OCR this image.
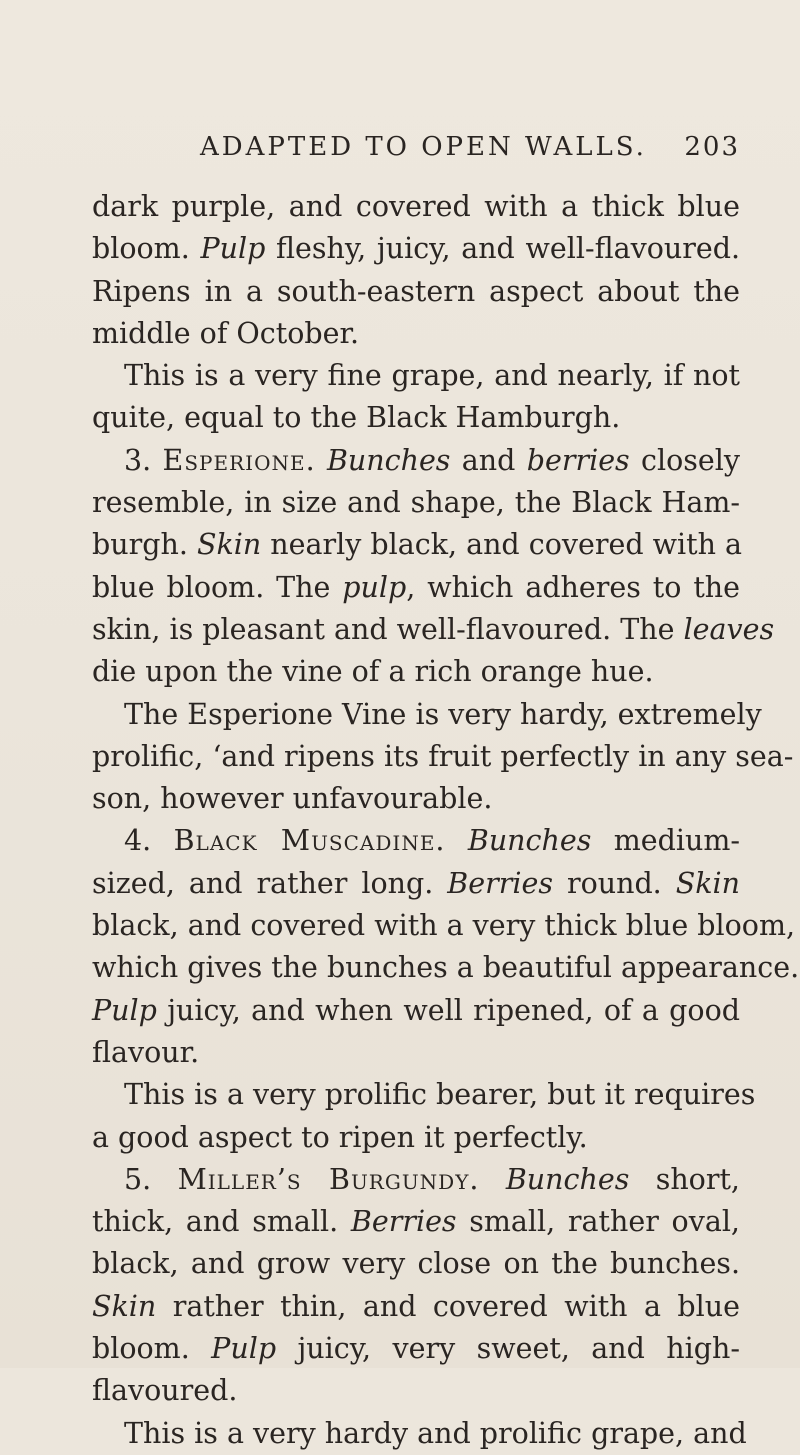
ADAPTED TO OPEN WALLS. 203
dark purple, and covered with a thick blue
bloom. Pulp fleshy, juicy, and well-flavoured.
Ripens in a south-eastern aspect about the
middle of October.
This is a very fine grape, and nearly, if not
quite, equal to the Black Hamburgh.
3. Esperione. Bunches and berries closely
resemble, in size and shape, the Black Ham-
burgh. Skin nearly black, and covered with a
blue bloom. The pulp, which adheres to the
skin, is pleasant and well-flavoured. The leaves
die upon the vine of a rich orange hue.
The Esperione Vine is very hardy, extremely
prolific, ‘and ripens its fruit perfectly in any sea-
son, however unfavourable.
4. Black Muscadine. Bunches medium-
sized, and rather long. Berries round. Skin
black, and covered with a very thick blue bloom,
which gives the bunches a beautiful appearance.
Pulp juicy, and when well ripened, of a good
flavour.
This is a very prolific bearer, but it requires
a good aspect to ripen it perfectly.
5. Miller’s Burgundy. Bunches short,
thick, and small. Berries small, rather oval,
black, and grow very close on the bunches.
Skin rather thin, and covered with a blue
bloom. Pulp juicy, very sweet, and high-
flavoured.
This is a very hardy and prolific grape, and
